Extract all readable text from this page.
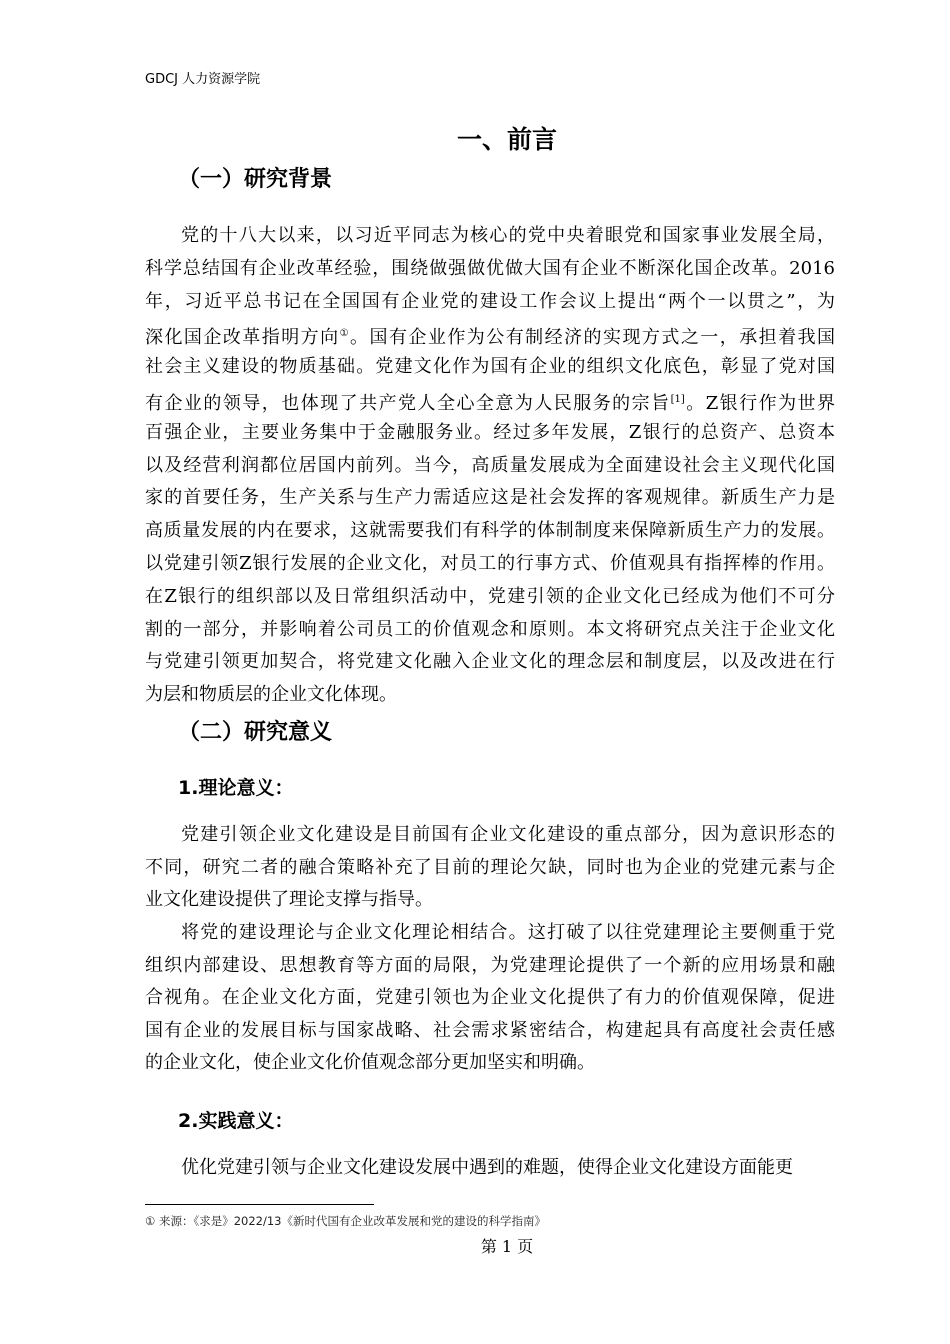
GDCJ 人力资源学院
一、前言
（一）研究背景
党的十八大以来，以习近平同志为核心的党中央着眼党和国家事业发展全局，
科学总结国有企业改革经验，围绕做强做优做大国有企业不断深化国企改革。2016
年，习近平总书记在全国国有企业党的建设工作会议上提出“两个一以贯之”，为
深化国企改革指明方向①。国有企业作为公有制经济的实现方式之一，承担着我国
社会主义建设的物质基础。党建文化作为国有企业的组织文化底色，彰显了党对国
有企业的领导，也体现了共产党人全心全意为人民服务的宗旨[1]。Z银行作为世界
百强企业，主要业务集中于金融服务业。经过多年发展，Z银行的总资产、总资本
以及经营利润都位居国内前列。当今，高质量发展成为全面建设社会主义现代化国
家的首要任务，生产关系与生产力需适应这是社会发挥的客观规律。新质生产力是
高质量发展的内在要求，这就需要我们有科学的体制制度来保障新质生产力的发展。
以党建引领Z银行发展的企业文化，对员工的行事方式、价值观具有指挥棒的作用。
在Z银行的组织部以及日常组织活动中，党建引领的企业文化已经成为他们不可分
割的一部分，并影响着公司员工的价值观念和原则。本文将研究点关注于企业文化
与党建引领更加契合，将党建文化融入企业文化的理念层和制度层，以及改进在行
为层和物质层的企业文化体现。
（二）研究意义
1.理论意义：
党建引领企业文化建设是目前国有企业文化建设的重点部分，因为意识形态的
不同，研究二者的融合策略补充了目前的理论欠缺，同时也为企业的党建元素与企
业文化建设提供了理论支撑与指导。
将党的建设理论与企业文化理论相结合。这打破了以往党建理论主要侧重于党
组织内部建设、思想教育等方面的局限，为党建理论提供了一个新的应用场景和融
合视角。在企业文化方面，党建引领也为企业文化提供了有力的价值观保障，促进
国有企业的发展目标与国家战略、社会需求紧密结合，构建起具有高度社会责任感
的企业文化，使企业文化价值观念部分更加坚实和明确。
2.实践意义：
优化党建引领与企业文化建设发展中遇到的难题，使得企业文化建设方面能更
① 来源：《求是》2022/13《新时代国有企业改革发展和党的建设的科学指南》
第 1 页
